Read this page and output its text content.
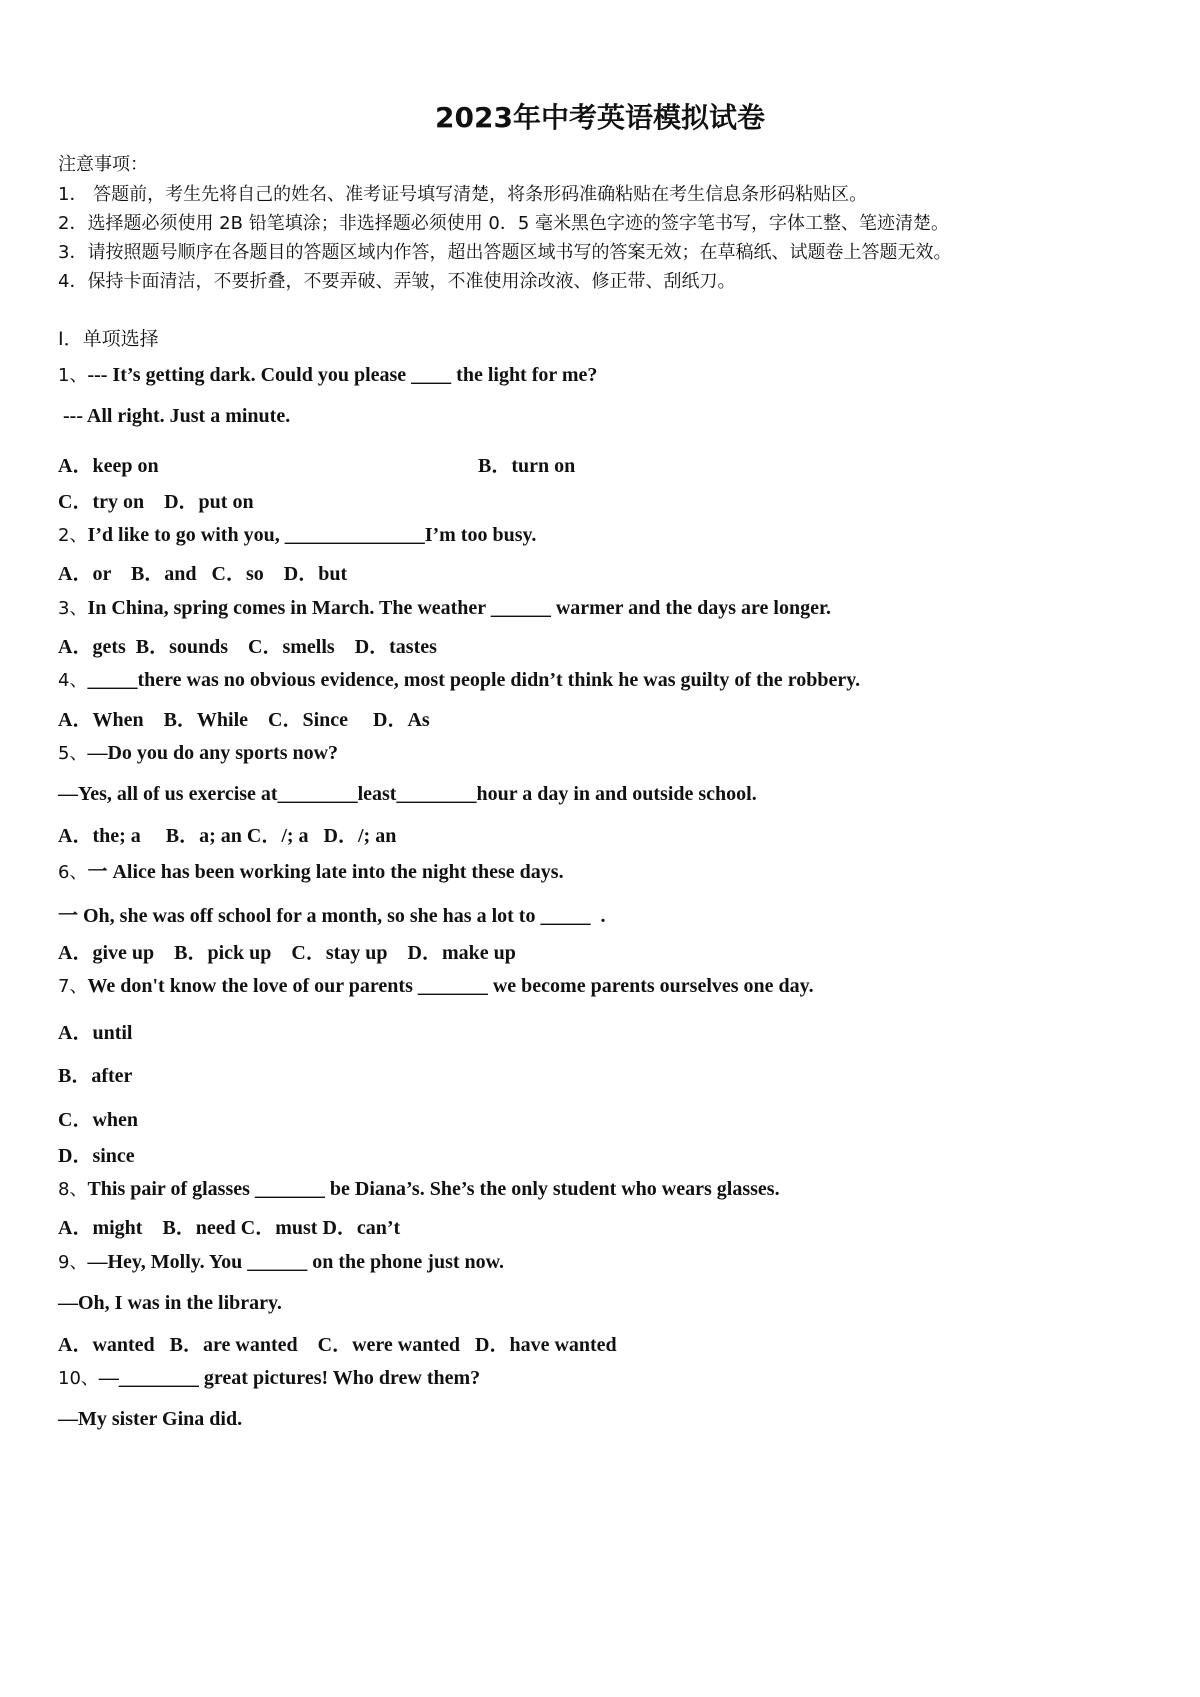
2023年中考英语模拟试卷
注意事项：
1． 答题前，考生先将自己的姓名、准考证号填写清楚，将条形码准确粘贴在考生信息条形码粘贴区。
2．选择题必须使用 2B 铅笔填涂；非选择题必须使用 0．5 毫米黑色字迹的签字笔书写，字体工整、笔迹清楚。
3．请按照题号顺序在各题目的答题区域内作答，超出答题区域书写的答案无效；在草稿纸、试题卷上答题无效。
4．保持卡面清洁，不要折叠，不要弄破、弄皱，不准使用涂改液、修正带、刮纸刀。
Ⅰ．单项选择
1、--- It’s getting dark. Could you please ____ the light for me?
--- All right. Just a minute.
A．keep on	B．turn on
C．try on    D．put on
2、I’d like to go with you, ______________I’m too busy.
A．or    B．and   C．so    D．but
3、In China, spring comes in March. The weather ______ warmer and the days are longer.
A．gets  B．sounds    C．smells    D．tastes
4、_____there was no obvious evidence, most people didn’t think he was guilty of the robbery.
A．When    B．While    C．Since     D．As
5、—Do you do any sports now?
—Yes, all of us exercise at________least________hour a day in and outside school.
A．the; a     B．a; an C．/; a   D．/; an
6、一 Alice has been working late into the night these days.
一 Oh, she was off school for a month, so she has a lot to _____  .
A．give up    B．pick up    C．stay up    D．make up
7、We don't know the love of our parents _______ we become parents ourselves one day.
A．until
B．after
C．when
D．since
8、This pair of glasses _______ be Diana’s. She’s the only student who wears glasses.
A．might    B．need C．must D．can’t
9、—Hey, Molly. You ______ on the phone just now.
—Oh, I was in the library.
A．wanted   B．are wanted    C．were wanted   D．have wanted
10、—________ great pictures! Who drew them?
—My sister Gina did.
